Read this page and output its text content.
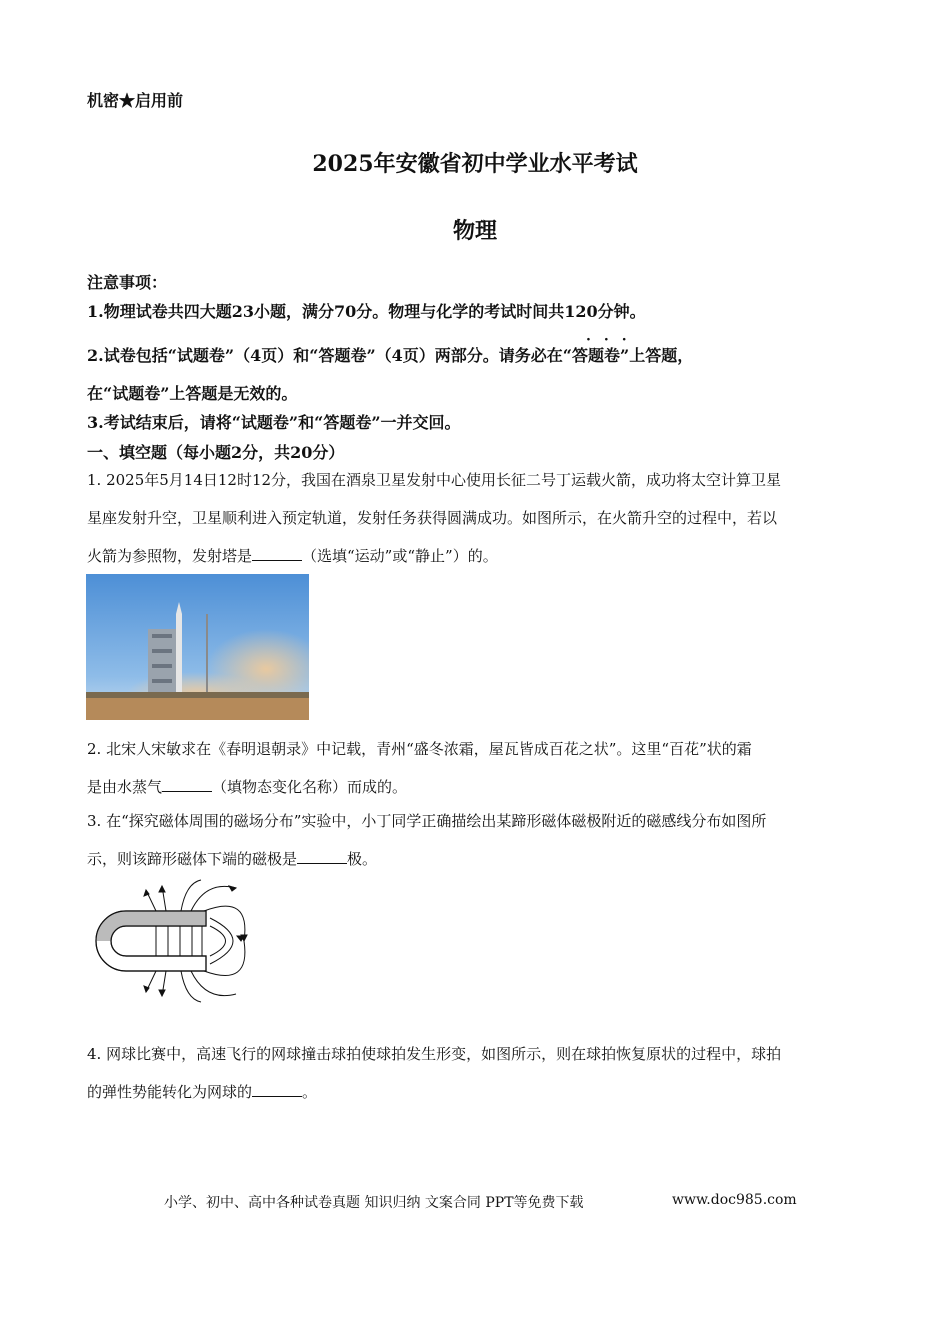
机密★启用前
2025年安徽省初中学业水平考试
物理
注意事项：
1.物理试卷共四大题23小题，满分70分。物理与化学的考试时间共120分钟。
2.试卷包括“试题卷”（4页）和“答题卷”（4页）两部分。请务必在“
···
答题卷”上答题，
在“试题卷”上答题是无效的。
3.考试结束后，请将“试题卷”和“答题卷”一并交回。
一、填空题（每小题2分，共20分）
1. 2025年5月14日12时12分，我国在酒泉卫星发射中心使用长征二号丁运载火箭，成功将太空计算卫星
星座发射升空，卫星顺利进入预定轨道，发射任务获得圆满成功。如图所示，在火箭升空的过程中，若以
火箭为参照物，发射塔是	（选填“运动”或“静止”）的。
2. 北宋人宋敏求在《春明退朝录》中记载，青州“盛冬浓霜，屋瓦皆成百花之状”。这里“百花”状的霜
是由水蒸气	（填物态变化名称）而成的。
3. 在“探究磁体周围的磁场分布”实验中，小丁同学正确描绘出某蹄形磁体磁极附近的磁感线分布如图所
示，则该蹄形磁体下端的磁极是	极。
4. 网球比赛中，高速飞行的网球撞击球拍使球拍发生形变，如图所示，则在球拍恢复原状的过程中，球拍
的弹性势能转化为网球的	。
小学、初中、高中各种试卷真题 知识归纳 文案合同 PPT等免费下载	www.doc985.com
